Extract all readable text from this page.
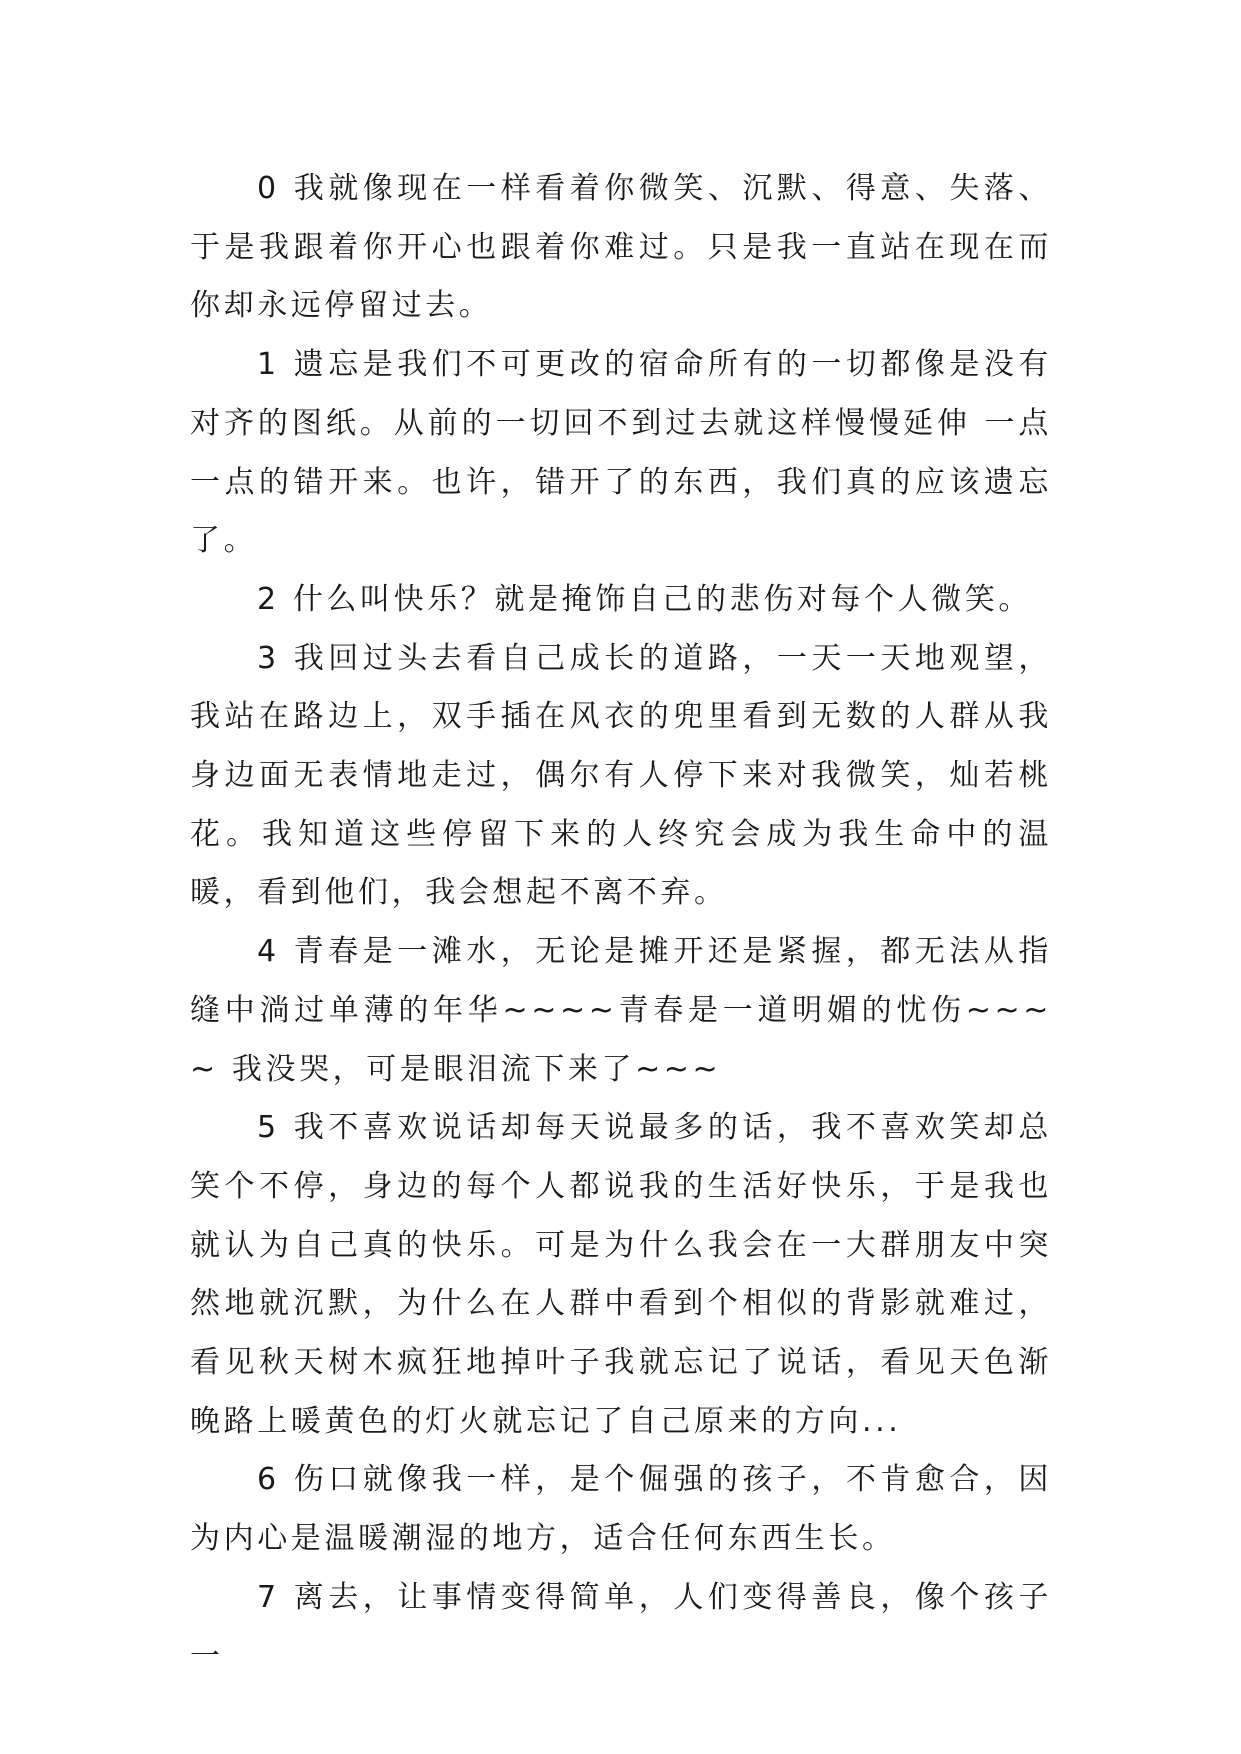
0 我就像现在一样看着你微笑、沉默、得意、失落、于是我跟着你开心也跟着你难过。只是我一直站在现在而你却永远停留过去。

1 遗忘是我们不可更改的宿命所有的一切都像是没有对齐的图纸。从前的一切回不到过去就这样慢慢延伸 一点一点的错开来。也许，错开了的东西，我们真的应该遗忘了。

2 什么叫快乐？就是掩饰自己的悲伤对每个人微笑。

3 我回过头去看自己成长的道路，一天一天地观望，我站在路边上，双手插在风衣的兜里看到无数的人群从我身边面无表情地走过，偶尔有人停下来对我微笑，灿若桃花。我知道这些停留下来的人终究会成为我生命中的温暖，看到他们，我会想起不离不弃。

4 青春是一滩水，无论是摊开还是紧握，都无法从指缝中淌过单薄的年华~~~~青春是一道明媚的忧伤~~~~ 我没哭，可是眼泪流下来了~~~

5 我不喜欢说话却每天说最多的话，我不喜欢笑却总笑个不停，身边的每个人都说我的生活好快乐，于是我也就认为自己真的快乐。可是为什么我会在一大群朋友中突然地就沉默，为什么在人群中看到个相似的背影就难过，看见秋天树木疯狂地掉叶子我就忘记了说话，看见天色渐晚路上暖黄色的灯火就忘记了自己原来的方向...

6 伤口就像我一样，是个倔强的孩子，不肯愈合，因为内心是温暖潮湿的地方，适合任何东西生长。

7 离去，让事情变得简单，人们变得善良，像个孩子一
